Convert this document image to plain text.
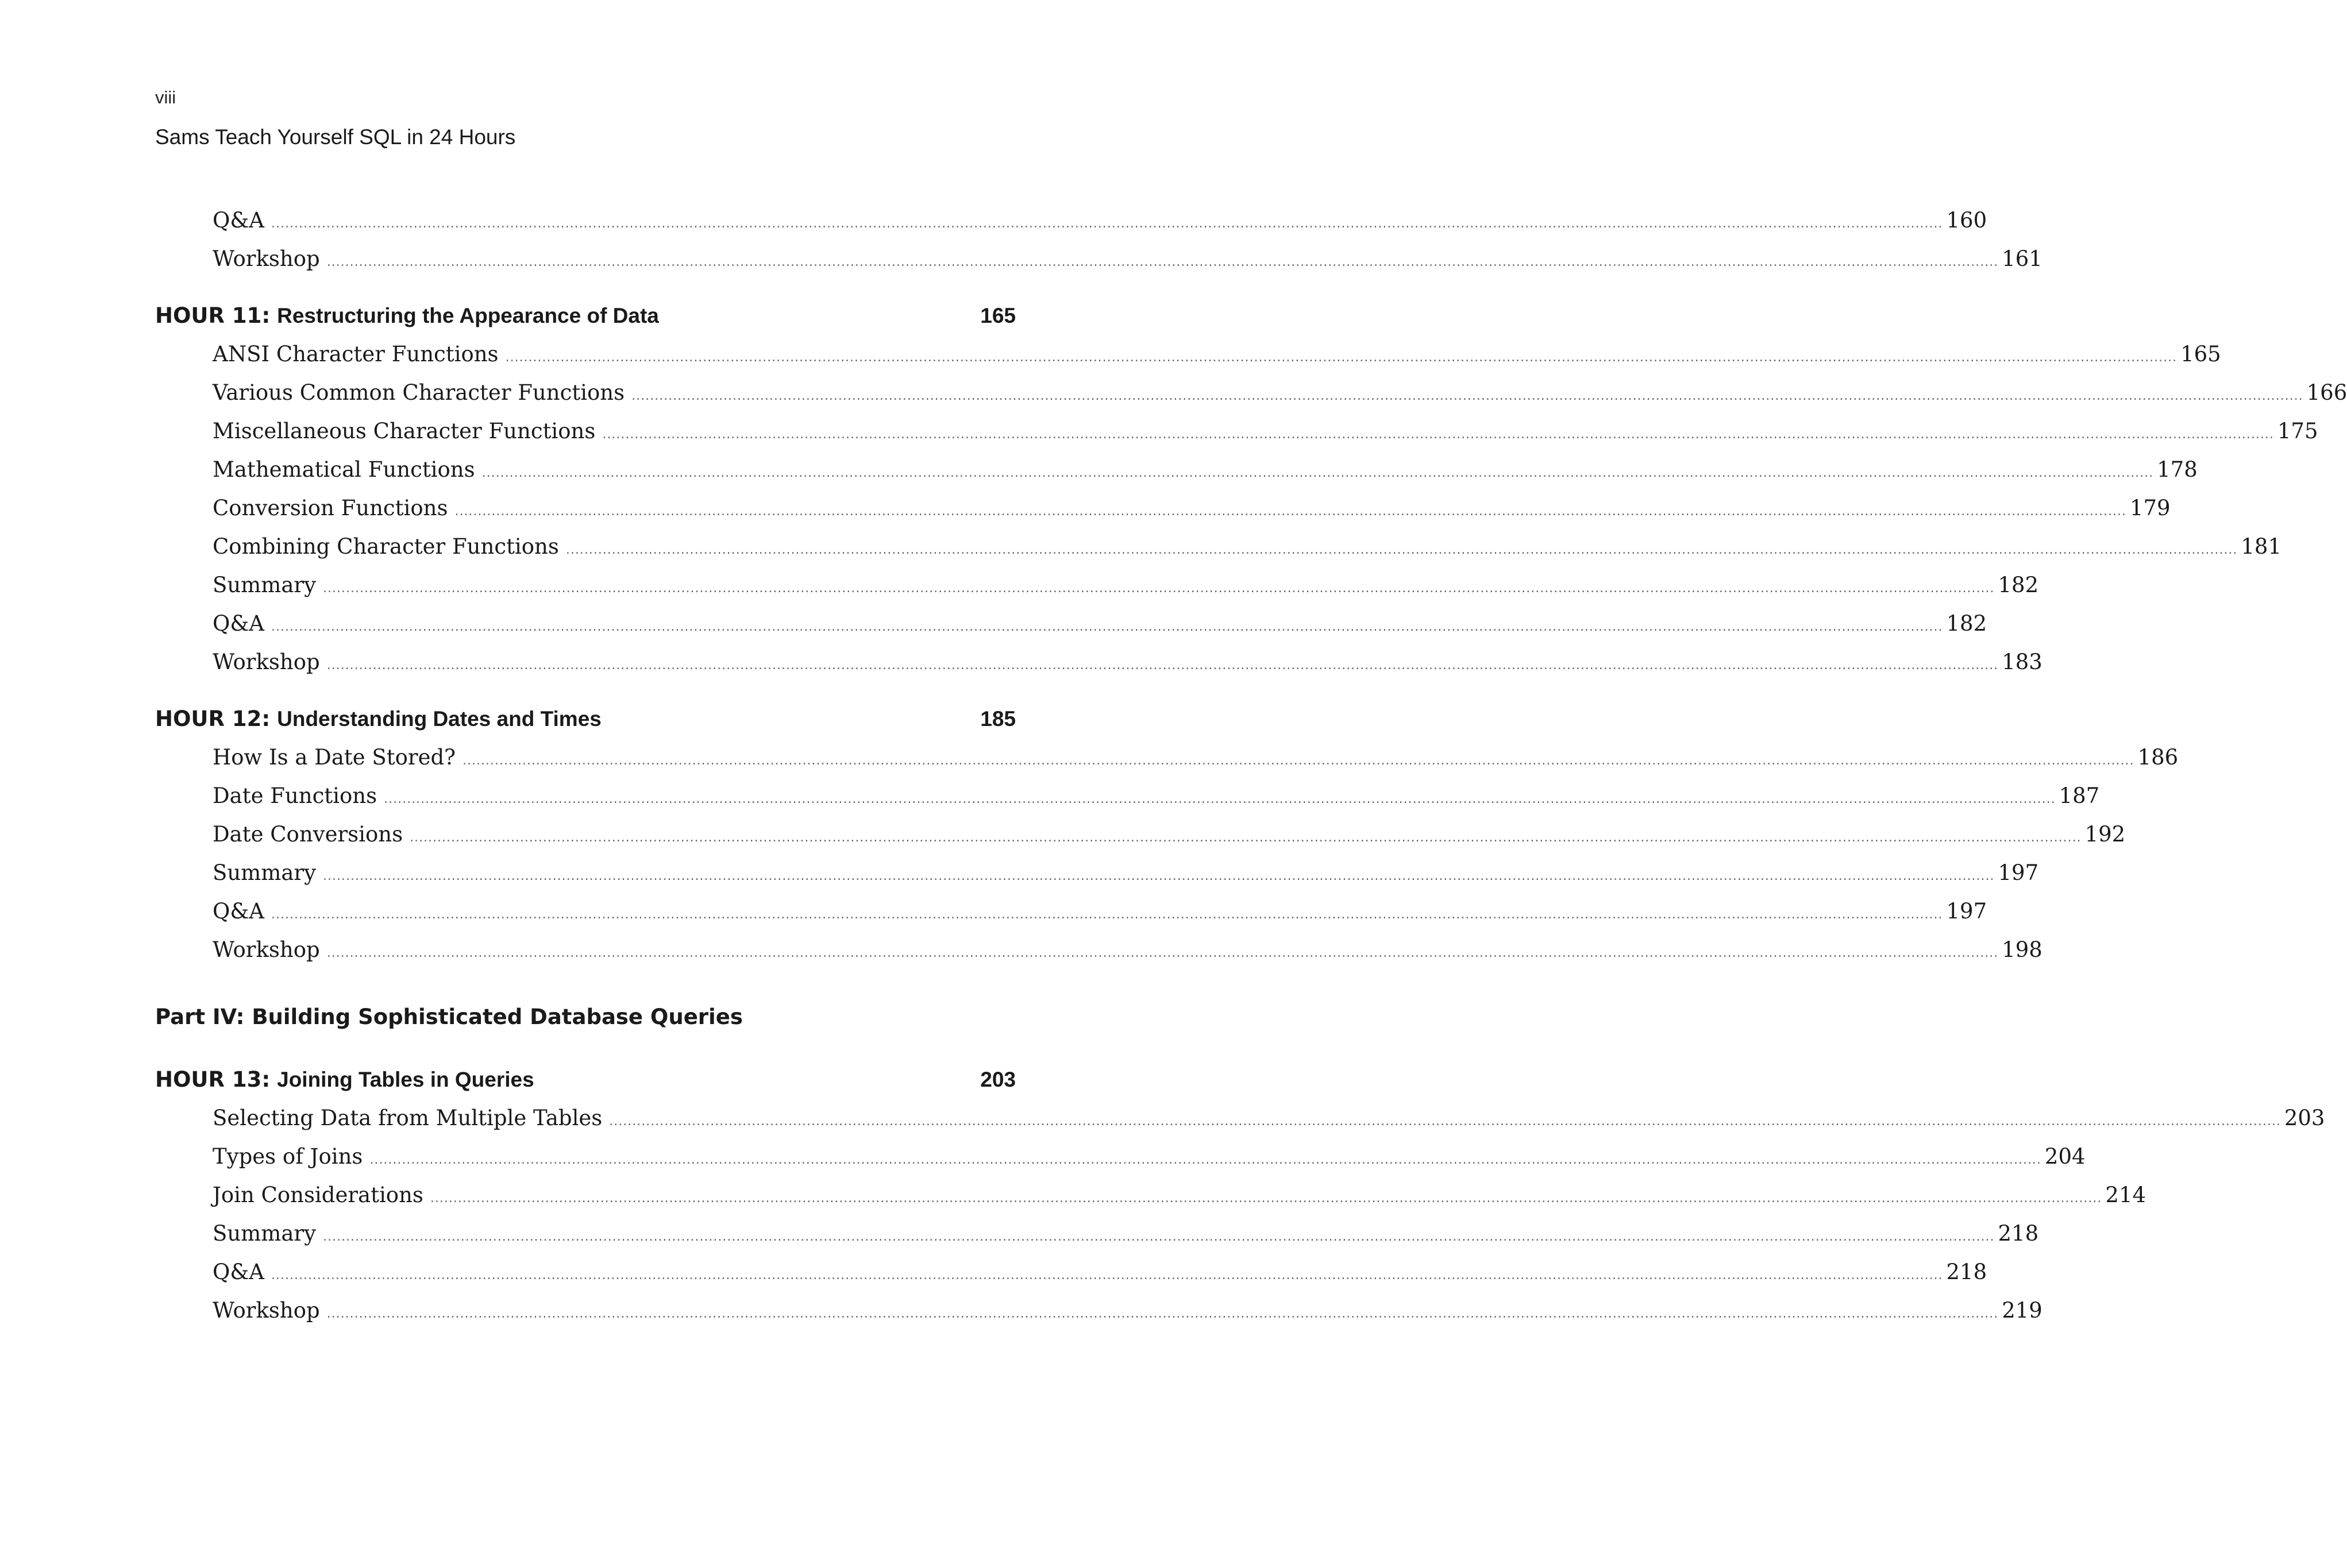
viii
Sams Teach Yourself SQL in 24 Hours
Q&A ............................................................................................................................................................................................................................................................................................................................................................................ 160
Workshop ............................................................................................................................................................................................................................................................................................................................................................................ 161
HOUR 11: Restructuring the Appearance of Data	165
ANSI Character Functions ............................................................................................................................................................................................................................................................................................................................................................................ 165
Various Common Character Functions ............................................................................................................................................................................................................................................................................................................................................................................ 166
Miscellaneous Character Functions ............................................................................................................................................................................................................................................................................................................................................................................ 175
Mathematical Functions ............................................................................................................................................................................................................................................................................................................................................................................ 178
Conversion Functions ............................................................................................................................................................................................................................................................................................................................................................................ 179
Combining Character Functions ............................................................................................................................................................................................................................................................................................................................................................................ 181
Summary ............................................................................................................................................................................................................................................................................................................................................................................ 182
Q&A ............................................................................................................................................................................................................................................................................................................................................................................ 182
Workshop ............................................................................................................................................................................................................................................................................................................................................................................ 183
HOUR 12: Understanding Dates and Times	185
How Is a Date Stored? ............................................................................................................................................................................................................................................................................................................................................................................ 186
Date Functions ............................................................................................................................................................................................................................................................................................................................................................................ 187
Date Conversions ............................................................................................................................................................................................................................................................................................................................................................................ 192
Summary ............................................................................................................................................................................................................................................................................................................................................................................ 197
Q&A ............................................................................................................................................................................................................................................................................................................................................................................ 197
Workshop ............................................................................................................................................................................................................................................................................................................................................................................ 198
Part IV: Building Sophisticated Database Queries
HOUR 13: Joining Tables in Queries	203
Selecting Data from Multiple Tables ............................................................................................................................................................................................................................................................................................................................................................................ 203
Types of Joins ............................................................................................................................................................................................................................................................................................................................................................................ 204
Join Considerations ............................................................................................................................................................................................................................................................................................................................................................................ 214
Summary ............................................................................................................................................................................................................................................................................................................................................................................ 218
Q&A ............................................................................................................................................................................................................................................................................................................................................................................ 218
Workshop ............................................................................................................................................................................................................................................................................................................................................................................ 219
